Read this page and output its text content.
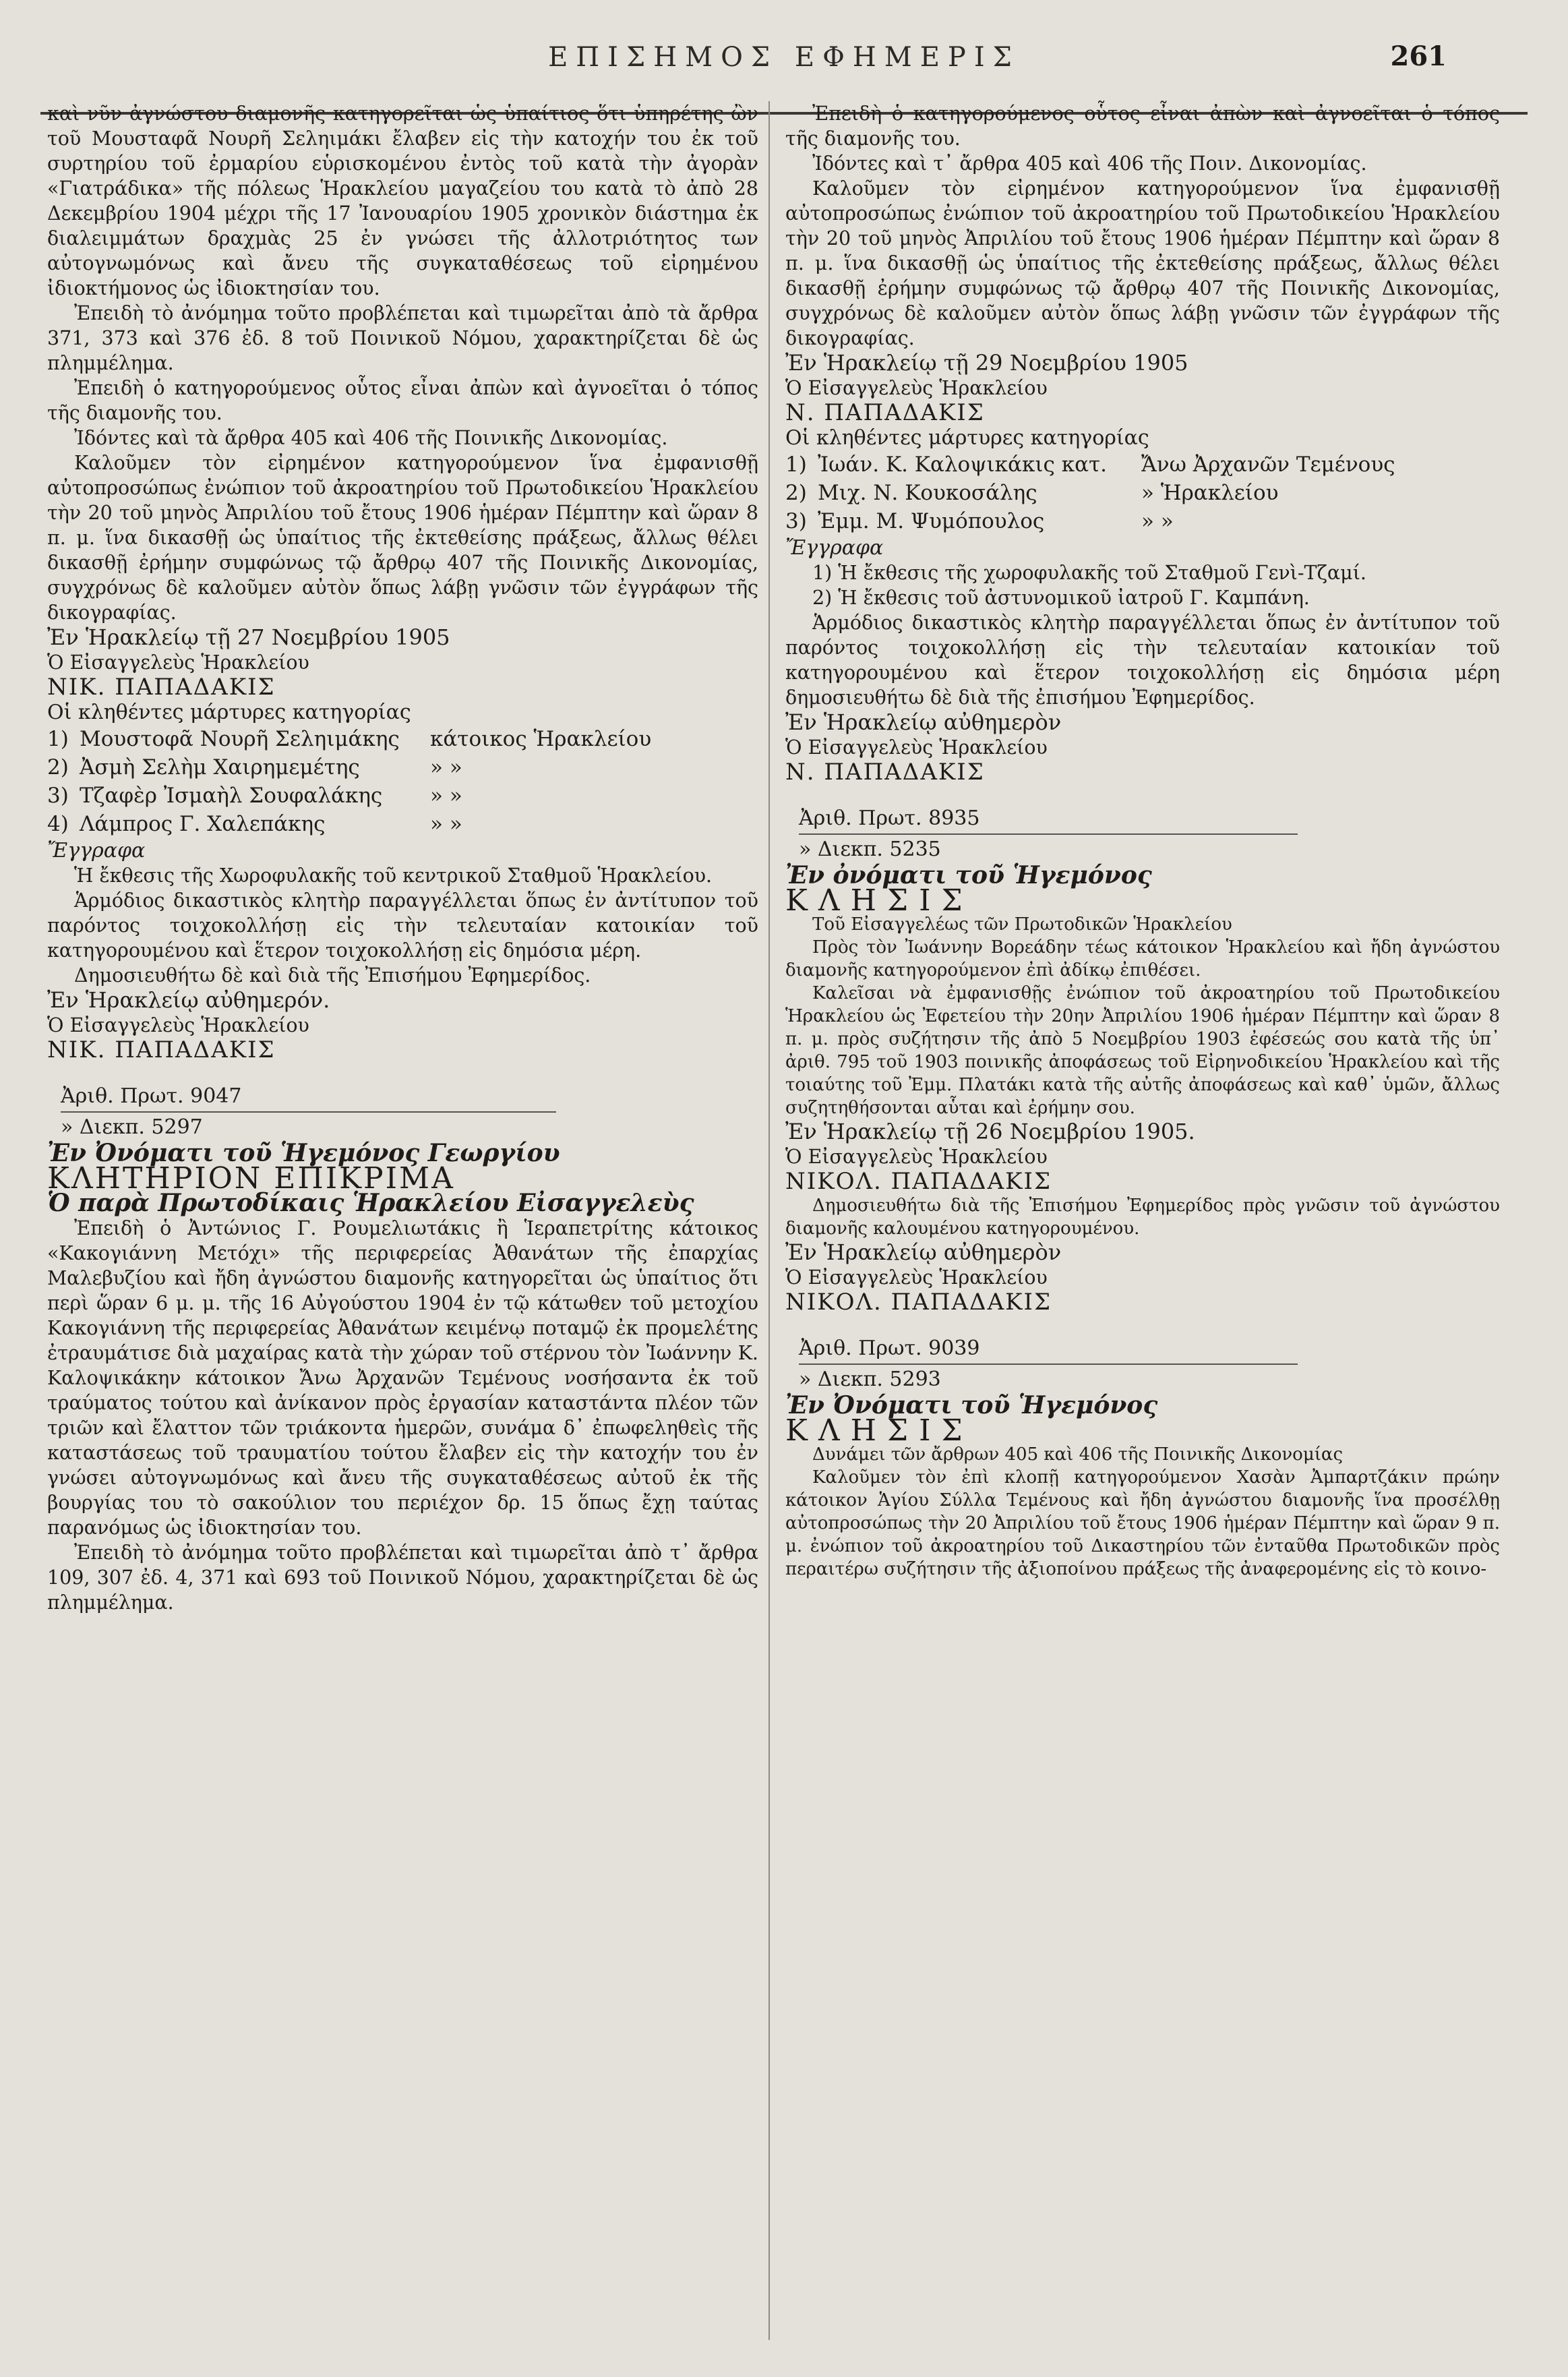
ΕΠΙΣΗΜΟΣ ΕΦΗΜΕΡΙΣ	261

καὶ νῦν ἀγνώστου διαμονῆς κατηγορεῖται ὡς ὑπαίτιος ὅτι ὑπηρέτης ὢν τοῦ Μουσταφᾶ Νουρῆ Σεληιμάκι ἔλαβεν εἰς τὴν κατοχήν του ἐκ τοῦ συρτηρίου τοῦ ἐρμαρίου εὑρισκομένου ἐντὸς τοῦ κατὰ τὴν ἀγορὰν «Γιατράδικα» τῆς πόλεως Ἡρακλείου μαγαζείου του κατὰ τὸ ἀπὸ 28 Δεκεμβρίου 1904 μέχρι τῆς 17 Ἰανουαρίου 1905 χρονικὸν διάστημα ἐκ διαλειμμάτων δραχμὰς 25 ἐν γνώσει τῆς ἀλλοτριότητος των αὐτογνωμόνως καὶ ἄνευ τῆς συγκαταθέσεως τοῦ εἰρημένου ἰδιοκτήμονος ὡς ἰδιοκτησίαν του.

Ἐπειδὴ τὸ ἀνόμημα τοῦτο προβλέπεται καὶ τιμωρεῖται ἀπὸ τὰ ἄρθρα 371, 373 καὶ 376 ἐδ. 8 τοῦ Ποινικοῦ Νόμου, χαρακτηρίζεται δὲ ὡς πλημμέλημα.

Ἐπειδὴ ὁ κατηγορούμενος οὗτος εἶναι ἀπὼν καὶ ἀγνοεῖται ὁ τόπος τῆς διαμονῆς του.

Ἰδόντες καὶ τὰ ἄρθρα 405 καὶ 406 τῆς Ποινικῆς Δικονομίας.

Καλοῦμεν τὸν εἰρημένον κατηγορούμενον ἵνα ἐμφανισθῇ αὐτοπροσώπως ἐνώπιον τοῦ ἀκροατηρίου τοῦ Πρωτοδικείου Ἡρακλείου τὴν 20 τοῦ μηνὸς Ἀπριλίου τοῦ ἔτους 1906 ἡμέραν Πέμπτην καὶ ὥραν 8 π. μ. ἵνα δικασθῇ ὡς ὑπαίτιος τῆς ἐκτεθείσης πράξεως, ἄλλως θέλει δικασθῇ ἐρήμην συμφώνως τῷ ἄρθρῳ 407 τῆς Ποινικῆς Δικονομίας, συγχρόνως δὲ καλοῦμεν αὐτὸν ὅπως λάβῃ γνῶσιν τῶν ἐγγράφων τῆς δικογραφίας.

Ἐν Ἡρακλείῳ τῇ 27 Νοεμβρίου 1905

Ὁ Εἰσαγγελεὺς Ἡρακλείου

ΝΙΚ. ΠΑΠΑΔΑΚΙΣ

Οἱ κληθέντες μάρτυρες κατηγορίας

1) Μουστοφᾶ Νουρῆ Σεληιμάκης κάτοικος Ἡρακλείου
2) Ἀσμὴ Σελὴμ Χαιρημεμέτης	» »
3) Τζαφὲρ Ἰσμαὴλ Σουφαλάκης » »
4) Λάμπρος Γ. Χαλεπάκης	» »

Ἔγγραφα

Ἡ ἔκθεσις τῆς Χωροφυλακῆς τοῦ κεντρικοῦ Σταθμοῦ Ἡρακλείου.

Ἁρμόδιος δικαστικὸς κλητὴρ παραγγέλλεται ὅπως ἐν ἀντίτυπον τοῦ παρόντος τοιχοκολλήσῃ εἰς τὴν τελευταίαν κατοικίαν τοῦ κατηγορουμένου καὶ ἕτερον τοιχοκολλήσῃ εἰς δημόσια μέρη.

Δημοσιευθήτω δὲ καὶ διὰ τῆς Ἐπισήμου Ἐφημερίδος.

Ἐν Ἡρακλείῳ αὐθημερόν.

Ὁ Εἰσαγγελεὺς Ἡρακλείου

ΝΙΚ. ΠΑΠΑΔΑΚΙΣ

Ἀριθ. Πρωτ. 9047
» Διεκπ. 5297

Ἐν Ὀνόματι τοῦ Ἡγεμόνος Γεωργίου

ΚΛΗΤΗΡΙΟΝ ΕΠΙΚΡΙΜΑ

Ὁ παρὰ Πρωτοδίκαις Ἡρακλείου Εἰσαγγελεὺς

Ἐπειδὴ ὁ Ἀντώνιος Γ. Ρουμελιωτάκις ἢ Ἱεραπετρίτης κάτοικος «Κακογιάννη Μετόχι» τῆς περιφερείας Ἀθανάτων τῆς ἐπαρχίας Μαλεβυζίου καὶ ἤδη ἀγνώστου διαμονῆς κατηγορεῖται ὡς ὑπαίτιος ὅτι περὶ ὥραν 6 μ. μ. τῆς 16 Αὐγούστου 1904 ἐν τῷ κάτωθεν τοῦ μετοχίου Κακογιάννη τῆς περιφερείας Ἀθανάτων κειμένῳ ποταμῷ ἐκ προμελέτης ἐτραυμάτισε διὰ μαχαίρας κατὰ τὴν χώραν τοῦ στέρνου τὸν Ἰωάννην Κ. Καλοψικάκην κάτοικον Ἄνω Ἀρχανῶν Τεμένους νοσήσαντα ἐκ τοῦ τραύματος τούτου καὶ ἀνίκανον πρὸς ἐργασίαν καταστάντα πλέον τῶν τριῶν καὶ ἔλαττον τῶν τριάκοντα ἡμερῶν, συνάμα δ᾽ ἐπωφεληθεὶς τῆς καταστάσεως τοῦ τραυματίου τούτου ἔλαβεν εἰς τὴν κατοχήν του ἐν γνώσει αὐτογνωμόνως καὶ ἄνευ τῆς συγκαταθέσεως αὐτοῦ ἐκ τῆς βουργίας του τὸ σακούλιον του περιέχον δρ. 15 ὅπως ἔχῃ ταύτας παρανόμως ὡς ἰδιοκτησίαν του.

Ἐπειδὴ τὸ ἀνόμημα τοῦτο προβλέπεται καὶ τιμωρεῖται ἀπὸ τ᾽ ἄρθρα 109, 307 ἐδ. 4, 371 καὶ 693 τοῦ Ποινικοῦ Νόμου, χαρακτηρίζεται δὲ ὡς πλημμέλημα.

Ἐπειδὴ ὁ κατηγορούμενος οὗτος εἶναι ἀπὼν καὶ ἀγνοεῖται ὁ τόπος τῆς διαμονῆς του.

Ἰδόντες καὶ τ᾽ ἄρθρα 405 καὶ 406 τῆς Ποιν. Δικονομίας.

Καλοῦμεν τὸν εἰρημένον κατηγορούμενον ἵνα ἐμφανισθῇ αὐτοπροσώπως ἐνώπιον τοῦ ἀκροατηρίου τοῦ Πρωτοδικείου Ἡρακλείου τὴν 20 τοῦ μηνὸς Ἀπριλίου τοῦ ἔτους 1906 ἡμέραν Πέμπτην καὶ ὥραν 8 π. μ. ἵνα δικασθῇ ὡς ὑπαίτιος τῆς ἐκτεθείσης πράξεως, ἄλλως θέλει δικασθῇ ἐρήμην συμφώνως τῷ ἄρθρῳ 407 τῆς Ποινικῆς Δικονομίας, συγχρόνως δὲ καλοῦμεν αὐτὸν ὅπως λάβῃ γνῶσιν τῶν ἐγγράφων τῆς δικογραφίας.

Ἐν Ἡρακλείῳ τῇ 29 Νοεμβρίου 1905

Ὁ Εἰσαγγελεὺς Ἡρακλείου

Ν. ΠΑΠΑΔΑΚΙΣ

Οἱ κληθέντες μάρτυρες κατηγορίας

1) Ἰωάν. Κ. Καλοψικάκις κατ. Ἄνω Ἀρχανῶν Τεμένους
2) Μιχ. Ν. Κουκοσάλης	» Ἡρακλείου
3) Ἐμμ. Μ. Ψυμόπουλος	» »

Ἔγγραφα

1) Ἡ ἔκθεσις τῆς χωροφυλακῆς τοῦ Σταθμοῦ Γενὶ-Τζαμί.

2) Ἡ ἔκθεσις τοῦ ἀστυνομικοῦ ἰατροῦ Γ. Καμπάνη.

Ἁρμόδιος δικαστικὸς κλητὴρ παραγγέλλεται ὅπως ἐν ἀντίτυπον τοῦ παρόντος τοιχοκολλήσῃ εἰς τὴν τελευταίαν κατοικίαν τοῦ κατηγορουμένου καὶ ἕτερον τοιχοκολλήσῃ εἰς δημόσια μέρη δημοσιευθήτω δὲ διὰ τῆς ἐπισήμου Ἐφημερίδος.

Ἐν Ἡρακλείῳ αὐθημερὸν

Ὁ Εἰσαγγελεὺς Ἡρακλείου

Ν. ΠΑΠΑΔΑΚΙΣ

Ἀριθ. Πρωτ. 8935
» Διεκπ. 5235

Ἐν ὀνόματι τοῦ Ἡγεμόνος

ΚΛΗΣΙΣ

Τοῦ Εἰσαγγελέως τῶν Πρωτοδικῶν Ἡρακλείου

Πρὸς τὸν Ἰωάννην Βορεάδην τέως κάτοικον Ἡρακλείου καὶ ἤδη ἀγνώστου διαμονῆς κατηγορούμενον ἐπὶ ἀδίκῳ ἐπιθέσει.

Καλεῖσαι νὰ ἐμφανισθῇς ἐνώπιον τοῦ ἀκροατηρίου τοῦ Πρωτοδικείου Ἡρακλείου ὡς Ἐφετείου τὴν 20ην Ἀπριλίου 1906 ἡμέραν Πέμπτην καὶ ὥραν 8 π. μ. πρὸς συζήτησιν τῆς ἀπὸ 5 Νοεμβρίου 1903 ἐφέσεώς σου κατὰ τῆς ὑπ᾽ ἀριθ. 795 τοῦ 1903 ποινικῆς ἀποφάσεως τοῦ Εἰρηνοδικείου Ἡρακλείου καὶ τῆς τοιαύτης τοῦ Ἐμμ. Πλατάκι κατὰ τῆς αὐτῆς ἀποφάσεως καὶ καθ᾽ ὑμῶν, ἄλλως συζητηθήσονται αὗται καὶ ἐρήμην σου.

Ἐν Ἡρακλείῳ τῇ 26 Νοεμβρίου 1905.

Ὁ Εἰσαγγελεὺς Ἡρακλείου

ΝΙΚΟΛ. ΠΑΠΑΔΑΚΙΣ

Δημοσιευθήτω διὰ τῆς Ἐπισήμου Ἐφημερίδος πρὸς γνῶσιν τοῦ ἀγνώστου διαμονῆς καλουμένου κατηγορουμένου.

Ἐν Ἡρακλείῳ αὐθημερὸν

Ὁ Εἰσαγγελεὺς Ἡρακλείου

ΝΙΚΟΛ. ΠΑΠΑΔΑΚΙΣ

Ἀριθ. Πρωτ. 9039
» Διεκπ. 5293

Ἐν Ὀνόματι τοῦ Ἡγεμόνος

ΚΛΗΣΙΣ

Δυνάμει τῶν ἄρθρων 405 καὶ 406 τῆς Ποινικῆς Δικονομίας

Καλοῦμεν τὸν ἐπὶ κλοπῇ κατηγορούμενον Χασὰν Ἀμπαρτζάκιν πρώην κάτοικον Ἁγίου Σύλλα Τεμένους καὶ ἤδη ἀγνώστου διαμονῆς ἵνα προσέλθῃ αὐτοπροσώπως τὴν 20 Ἀπριλίου τοῦ ἔτους 1906 ἡμέραν Πέμπτην καὶ ὥραν 9 π. μ. ἐνώπιον τοῦ ἀκροατηρίου τοῦ Δικαστηρίου τῶν ἐνταῦθα Πρωτοδικῶν πρὸς περαιτέρω συζήτησιν τῆς ἀξιοποίνου πράξεως τῆς ἀναφερομένης εἰς τὸ κοινο-
